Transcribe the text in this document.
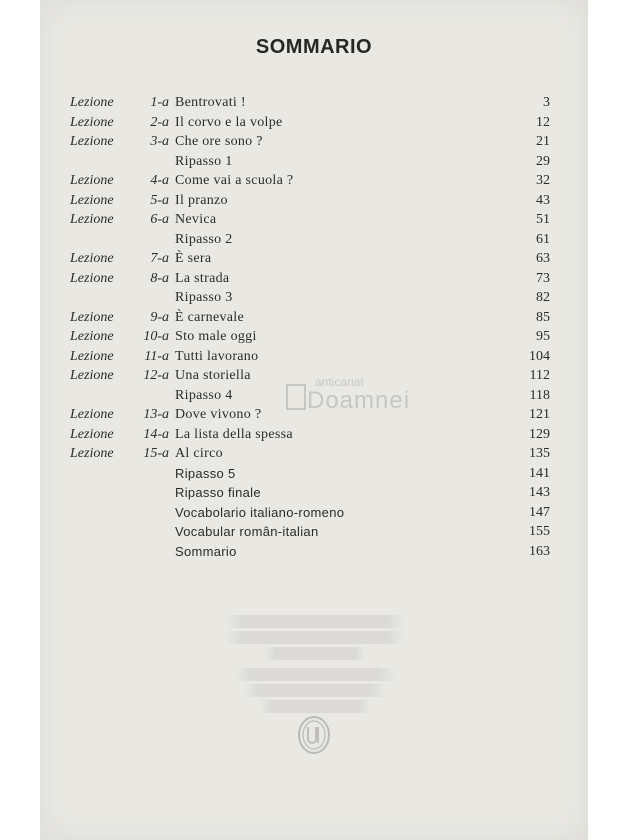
SOMMARIO
Lezione	1-a Bentrovati ! . . .	3
Lezione	2-a Il corvo e la volpe . . .	12
Lezione	3-a Che ore sono ? . . .	21
Ripasso 1 . . .	29
Lezione	4-a Come vai a scuola ? . . .	32
Lezione	5-a Il pranzo . . .	43
Lezione	6-a Nevica . . .	51
Ripasso 2 . . .	61
Lezione	7-a È sera . . .	63
Lezione	8-a La strada . . .	73
Ripasso 3 . . .	82
Lezione	9-a È carnevale . . .	85
Lezione 10-a Sto male oggi . . .	95
Lezione 11-a Tutti lavorano . . .	104
Lezione 12-a Una storiella . . .	112
Ripasso 4 . . .	118
Lezione 13-a Dove vivono ? . . .	121
Lezione 14-a La lista della spessa . . .	129
Lezione 15-a Al circo . . .	135
Ripasso 5 . . .	141
Ripasso finale . . .	143
Vocabolario italiano-romeno . . .	147
Vocabular român-italian . . .	155
Sommario . . .	163
anticariat
Doamnei
